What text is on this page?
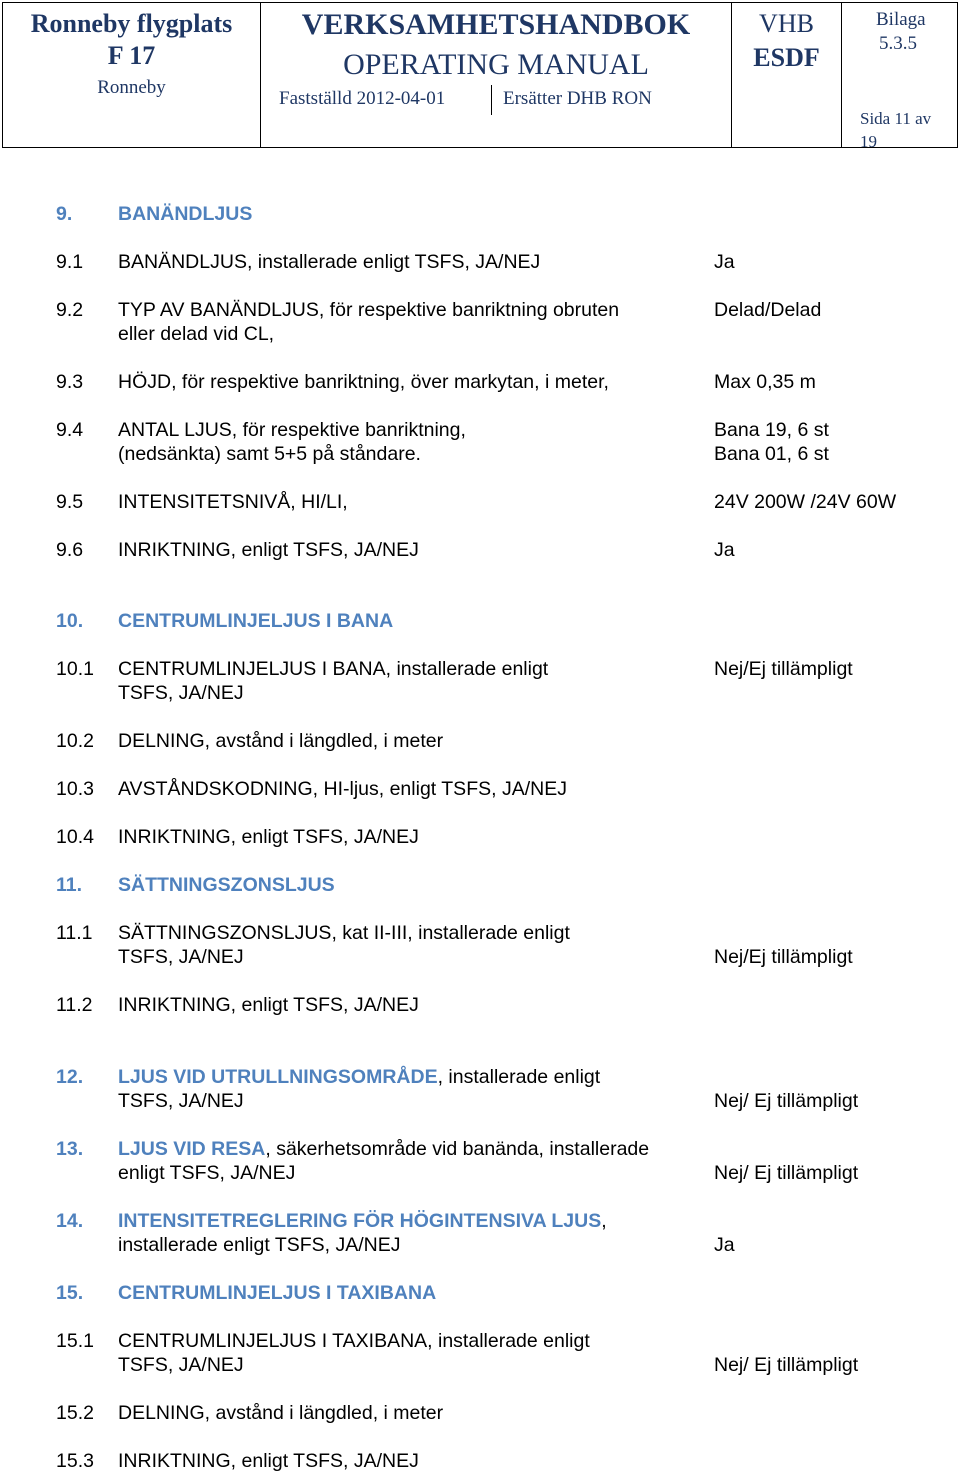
Ronneby flygplats
F 17
Ronneby
VERKSAMHETSHANDBOK
OPERATING MANUAL
Fastställd 2012-04-01	Ersätter DHB RON
VHB
ESDF
Bilaga
5.3.5
Sida 11 av
19
9. BANÄNDLJUS
9.1 BANÄNDLJUS, installerade enligt TSFS, JA/NEJ	Ja
9.2 TYP AV BANÄNDLJUS, för respektive banriktning obruten	Delad/Delad
eller delad vid CL,
9.3 HÖJD, för respektive banriktning, över markytan, i meter,	Max 0,35 m
9.4 ANTAL LJUS, för respektive banriktning,	Bana 19, 6 st
(nedsänkta) samt 5+5 på ståndare.	Bana 01, 6 st
9.5 INTENSITETSNIVÅ, HI/LI,	24V 200W /24V 60W
9.6 INRIKTNING, enligt TSFS, JA/NEJ	Ja
10. CENTRUMLINJELJUS I BANA
10.1 CENTRUMLINJELJUS I BANA, installerade enligt	Nej/Ej tillämpligt
TSFS, JA/NEJ
10.2 DELNING, avstånd i längdled, i meter
10.3 AVSTÅNDSKODNING, HI-ljus, enligt TSFS, JA/NEJ
10.4 INRIKTNING, enligt TSFS, JA/NEJ
11. SÄTTNINGSZONSLJUS
11.1 SÄTTNINGSZONSLJUS, kat II-III, installerade enligt
TSFS, JA/NEJ	Nej/Ej tillämpligt
11.2 INRIKTNING, enligt TSFS, JA/NEJ
12. LJUS VID UTRULLNINGSOMRÅDE, installerade enligt
TSFS, JA/NEJ	Nej/ Ej tillämpligt
13. LJUS VID RESA, säkerhetsområde vid banända, installerade
enligt TSFS, JA/NEJ	Nej/ Ej tillämpligt
14. INTENSITETREGLERING FÖR HÖGINTENSIVA LJUS,
installerade enligt TSFS, JA/NEJ	Ja
15. CENTRUMLINJELJUS I TAXIBANA
15.1 CENTRUMLINJELJUS I TAXIBANA, installerade enligt
TSFS, JA/NEJ	Nej/ Ej tillämpligt
15.2 DELNING, avstånd i längdled, i meter
15.3 INRIKTNING, enligt TSFS, JA/NEJ
